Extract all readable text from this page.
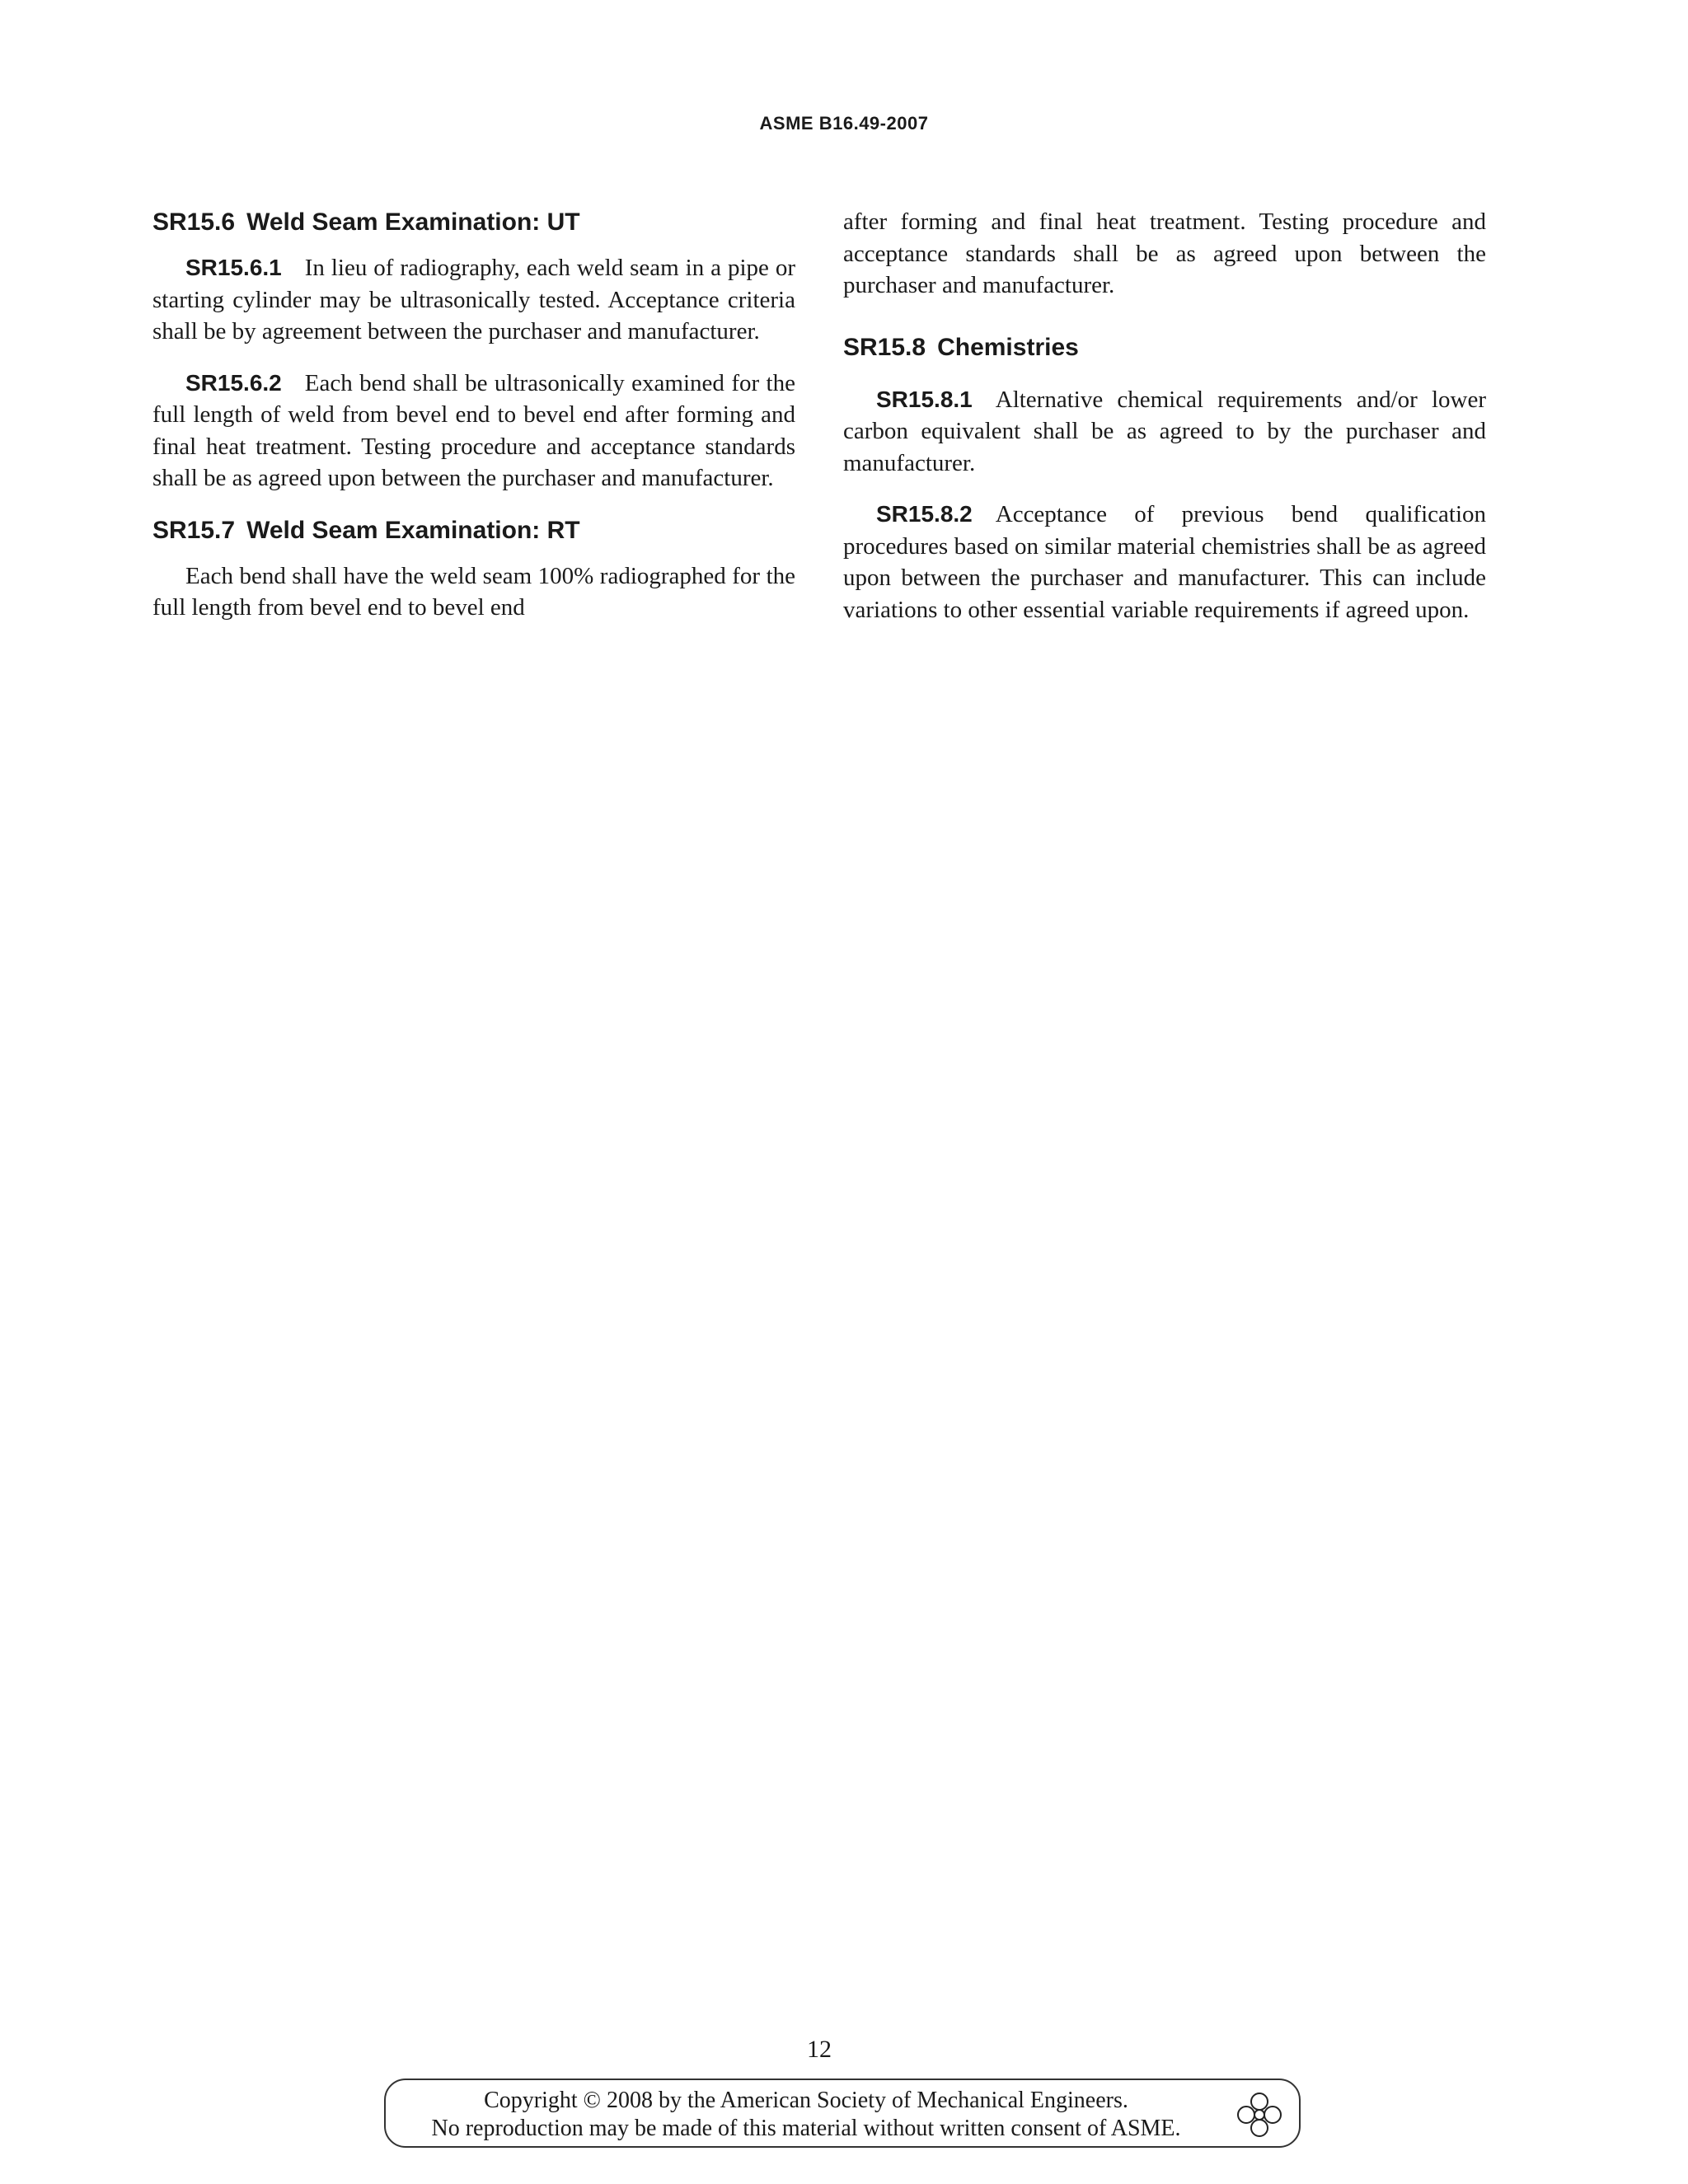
ASME B16.49-2007
SR15.6 Weld Seam Examination: UT

SR15.6.1 In lieu of radiography, each weld seam in a pipe or starting cylinder may be ultrasonically tested. Acceptance criteria shall be by agreement between the purchaser and manufacturer.

SR15.6.2 Each bend shall be ultrasonically examined for the full length of weld from bevel end to bevel end after forming and final heat treatment. Testing procedure and acceptance standards shall be as agreed upon between the purchaser and manufacturer.

SR15.7 Weld Seam Examination: RT

Each bend shall have the weld seam 100% radiographed for the full length from bevel end to bevel end

after forming and final heat treatment. Testing procedure and acceptance standards shall be as agreed upon between the purchaser and manufacturer.

SR15.8 Chemistries

SR15.8.1 Alternative chemical requirements and/or lower carbon equivalent shall be as agreed to by the purchaser and manufacturer.

SR15.8.2 Acceptance of previous bend qualification procedures based on similar material chemistries shall be as agreed upon between the purchaser and manufacturer. This can include variations to other essential variable requirements if agreed upon.

12
Copyright © 2008 by the American Society of Mechanical Engineers.
No reproduction may be made of this material without written consent of ASME.
